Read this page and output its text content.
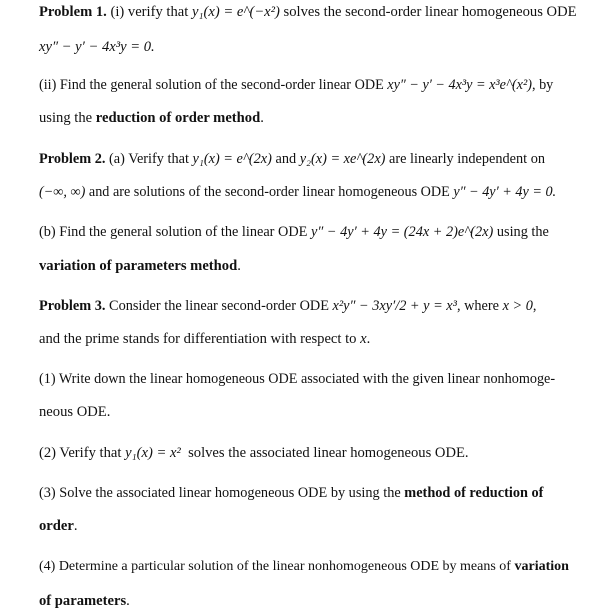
Problem 1. (i) verify that y₁(x) = e^(−x²) solves the second-order linear homogeneous ODE
xy″ − y′ − 4x³y = 0.
(ii) Find the general solution of the second-order linear ODE xy″ − y′ − 4x³y = x³e^(x²), by
using the reduction of order method.
Problem 2. (a) Verify that y₁(x) = e^(2x) and y₂(x) = xe^(2x) are linearly independent on
(−∞, ∞) and are solutions of the second-order linear homogeneous ODE y″ − 4y′ + 4y = 0.
(b) Find the general solution of the linear ODE y″ − 4y′ + 4y = (24x + 2)e^(2x) using the
variation of parameters method.
Problem 3. Consider the linear second-order ODE x²y″ − 3xy′/2 + y = x³, where x > 0,
and the prime stands for differentiation with respect to x.
(1) Write down the linear homogeneous ODE associated with the given linear nonhomoge-
neous ODE.
(2) Verify that y₁(x) = x²  solves the associated linear homogeneous ODE.
(3) Solve the associated linear homogeneous ODE by using the method of reduction of
order.
(4) Determine a particular solution of the linear nonhomogeneous ODE by means of variation
of parameters.
